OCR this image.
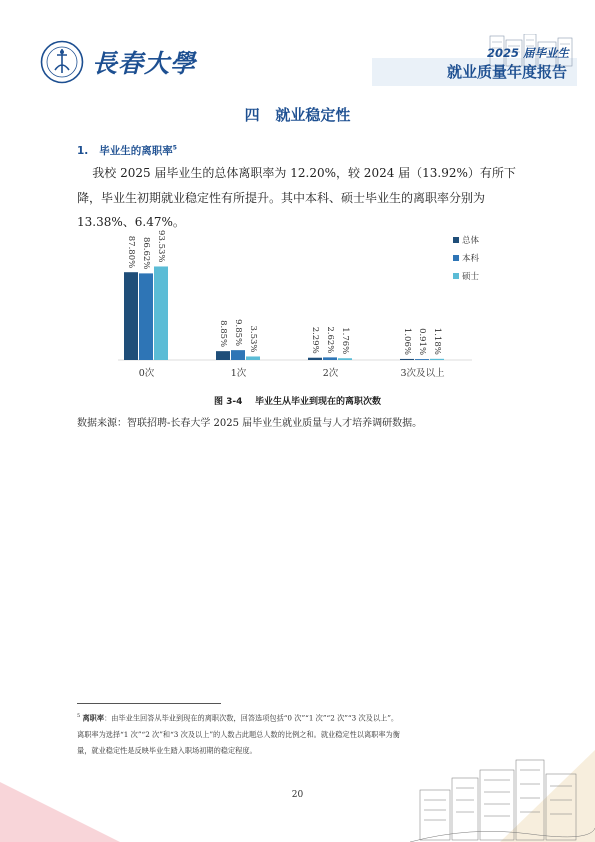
長春大學	2025 届毕业生
就业质量年度报告
四   就业稳定性
1. 毕业生的离职率$^5$
我校 2025 届毕业生的总体离职率为 12.20%，较 2024 届（13.92%）有所下
降，毕业生初期就业稳定性有所提升。其中本科、硕士毕业生的离职率分别为
13.38%、6.47%。
87.80% 86.62% 93.53%
0次
8.85% 9.85% 3.53%
1次
2.29% 2.62% 1.76%
2次
1.06% 0.91% 1.18%
3次及以上
总体
本科
硕士
图 3-4    毕业生从毕业到现在的离职次数
数据来源：智联招聘-长春大学 2025 届毕业生就业质量与人才培养调研数据。
$^5$ 离职率：由毕业生回答从毕业到现在的离职次数，回答选项包括“0 次”“1 次”“2 次”“3 次及以上”。
离职率为选择“1 次”“2 次”和“3 次及以上”的人数占此题总人数的比例之和。就业稳定性以离职率为衡
量，就业稳定性是反映毕业生踏入职场初期的稳定程度。
20
